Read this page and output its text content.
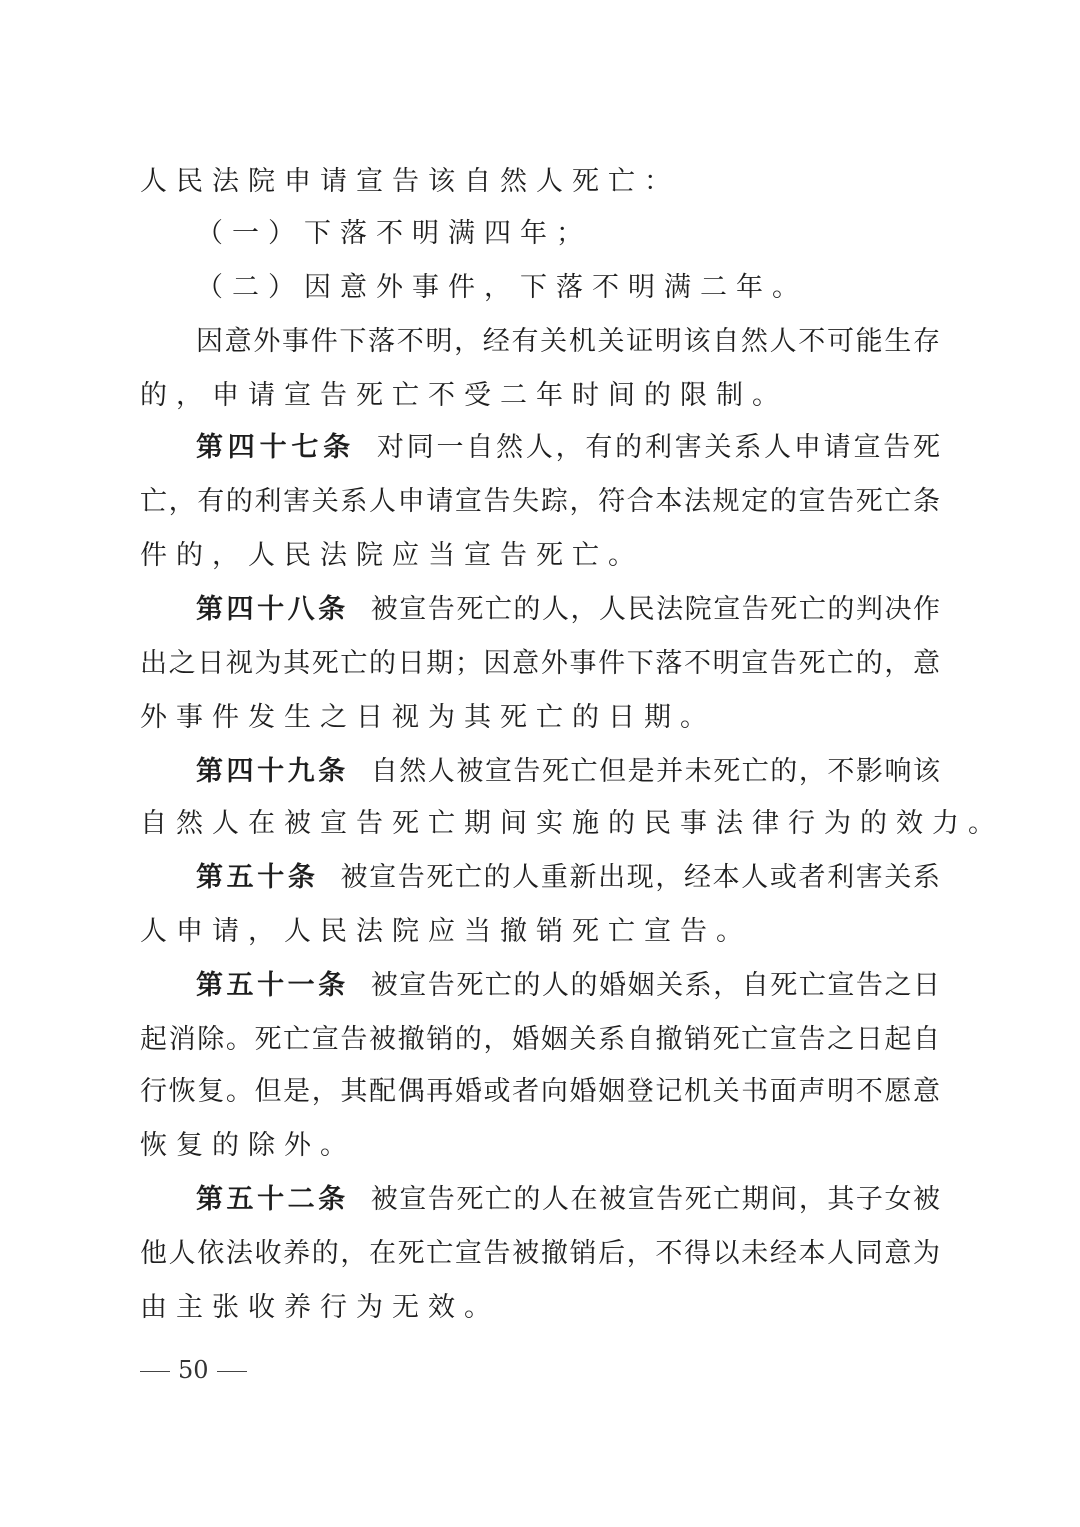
人民法院申请宣告该自然人死亡：
（一）下落不明满四年；
（二）因意外事件，下落不明满二年。
因意外事件下落不明，经有关机关证明该自然人不可能生存
的，申请宣告死亡不受二年时间的限制。
第四十七条 对同一自然人，有的利害关系人申请宣告死
亡，有的利害关系人申请宣告失踪，符合本法规定的宣告死亡条
件的，人民法院应当宣告死亡。
第四十八条 被宣告死亡的人，人民法院宣告死亡的判决作
出之日视为其死亡的日期；因意外事件下落不明宣告死亡的，意
外事件发生之日视为其死亡的日期。
第四十九条 自然人被宣告死亡但是并未死亡的，不影响该
自然人在被宣告死亡期间实施的民事法律行为的效力。
第五十条 被宣告死亡的人重新出现，经本人或者利害关系
人申请，人民法院应当撤销死亡宣告。
第五十一条 被宣告死亡的人的婚姻关系，自死亡宣告之日
起消除。死亡宣告被撤销的，婚姻关系自撤销死亡宣告之日起自
行恢复。但是，其配偶再婚或者向婚姻登记机关书面声明不愿意
恢复的除外。
第五十二条 被宣告死亡的人在被宣告死亡期间，其子女被
他人依法收养的，在死亡宣告被撤销后，不得以未经本人同意为
由主张收养行为无效。
50
